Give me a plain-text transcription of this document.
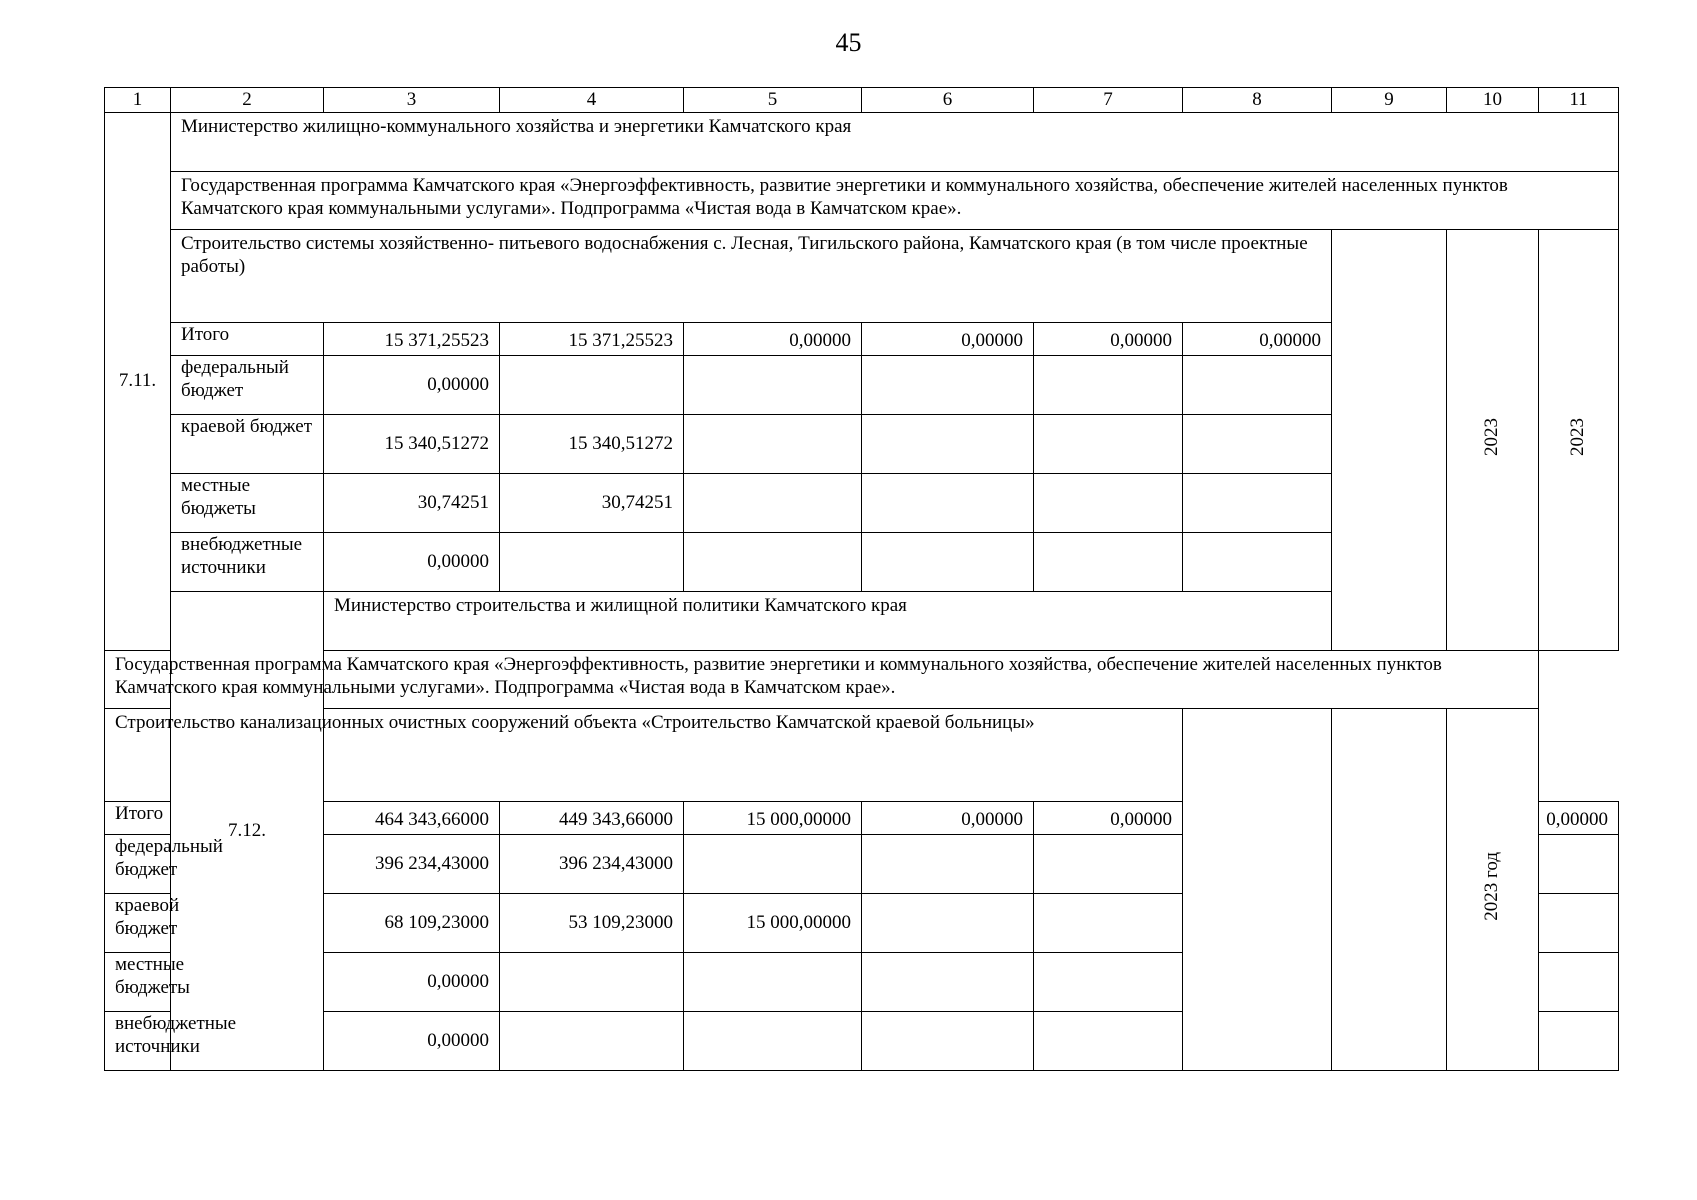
45
1	2	3	4	5	6	7	8	9	10	11
7.11.	Министерство жилищно-коммунального хозяйства и энергетики Камчатского края									
	Государственная программа Камчатского края «Энергоэффективность, развитие энергетики и коммунального хозяйства, обеспечение жителей населенных пунктов Камчатского края коммунальными услугами». Подпрограмма «Чистая вода в Камчатском крае».									
	Строительство системы хозяйственно- питьевого водоснабжения с. Лесная, Тигильского района, Камчатского края (в том числе проектные работы)								2023	2023
	Итого	15 371,25523	15 371,25523	0,00000	0,00000	0,00000	0,00000			
	федеральный бюджет	0,00000								
	краевой бюджет	15 340,51272	15 340,51272							
	местные бюджеты	30,74251	30,74251							
	внебюджетные источники	0,00000								
	7.12.	Министерство строительства и жилищной политики Камчатского края								
Государственная программа Камчатского края «Энергоэффективность, развитие энергетики и коммунального хозяйства, обеспечение жителей населенных пунктов Камчатского края коммунальными услугами». Подпрограмма «Чистая вода в Камчатском крае».										
Строительство канализационных очистных сооружений объекта «Строительство Камчатской краевой больницы»									2023 год	
Итого		464 343,66000	449 343,66000	15 000,00000	0,00000	0,00000				0,00000
федеральный бюджет		396 234,43000	396 234,43000							
краевой бюджет		68 109,23000	53 109,23000	15 000,00000						
местные бюджеты		0,00000								
внебюджетные источники		0,00000								
